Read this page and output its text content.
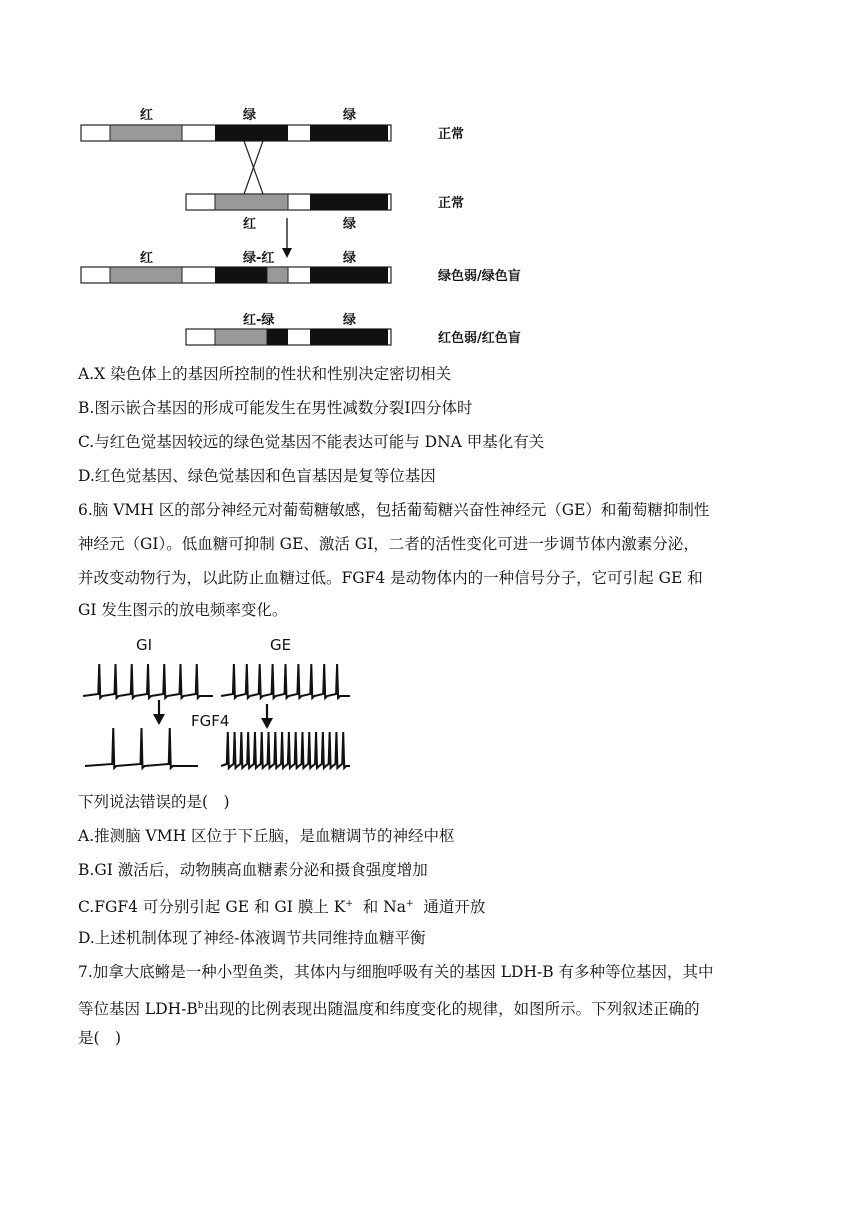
红	绿	绿
正常
正常
红	绿
红	绿-红	绿
绿色弱/绿色盲
红-绿	绿
红色弱/红色盲
A.X 染色体上的基因所控制的性状和性别决定密切相关
B.图示嵌合基因的形成可能发生在男性减数分裂Ⅰ四分体时
C.与红色觉基因较远的绿色觉基因不能表达可能与 DNA 甲基化有关
D.红色觉基因、绿色觉基因和色盲基因是复等位基因
6.脑 VMH 区的部分神经元对葡萄糖敏感，包括葡萄糖兴奋性神经元（GE）和葡萄糖抑制性
神经元（GI）。低血糖可抑制 GE、激活 GI，二者的活性变化可进一步调节体内激素分泌，
并改变动物行为，以此防止血糖过低。FGF4 是动物体内的一种信号分子，它可引起 GE 和
GI 发生图示的放电频率变化。
GI	GE
FGF4
下列说法错误的是(　)
A.推测脑 VMH 区位于下丘脑，是血糖调节的神经中枢
B.GI 激活后，动物胰高血糖素分泌和摄食强度增加
C.FGF4 可分别引起 GE 和 GI 膜上 K+  和 Na+  通道开放
D.上述机制体现了神经-体液调节共同维持血糖平衡
7.加拿大底鳉是一种小型鱼类，其体内与细胞呼吸有关的基因 LDH-B 有多种等位基因，其中
等位基因 LDH-$B^b$出现的比例表现出随温度和纬度变化的规律，如图所示。下列叙述正确的
是(　)
